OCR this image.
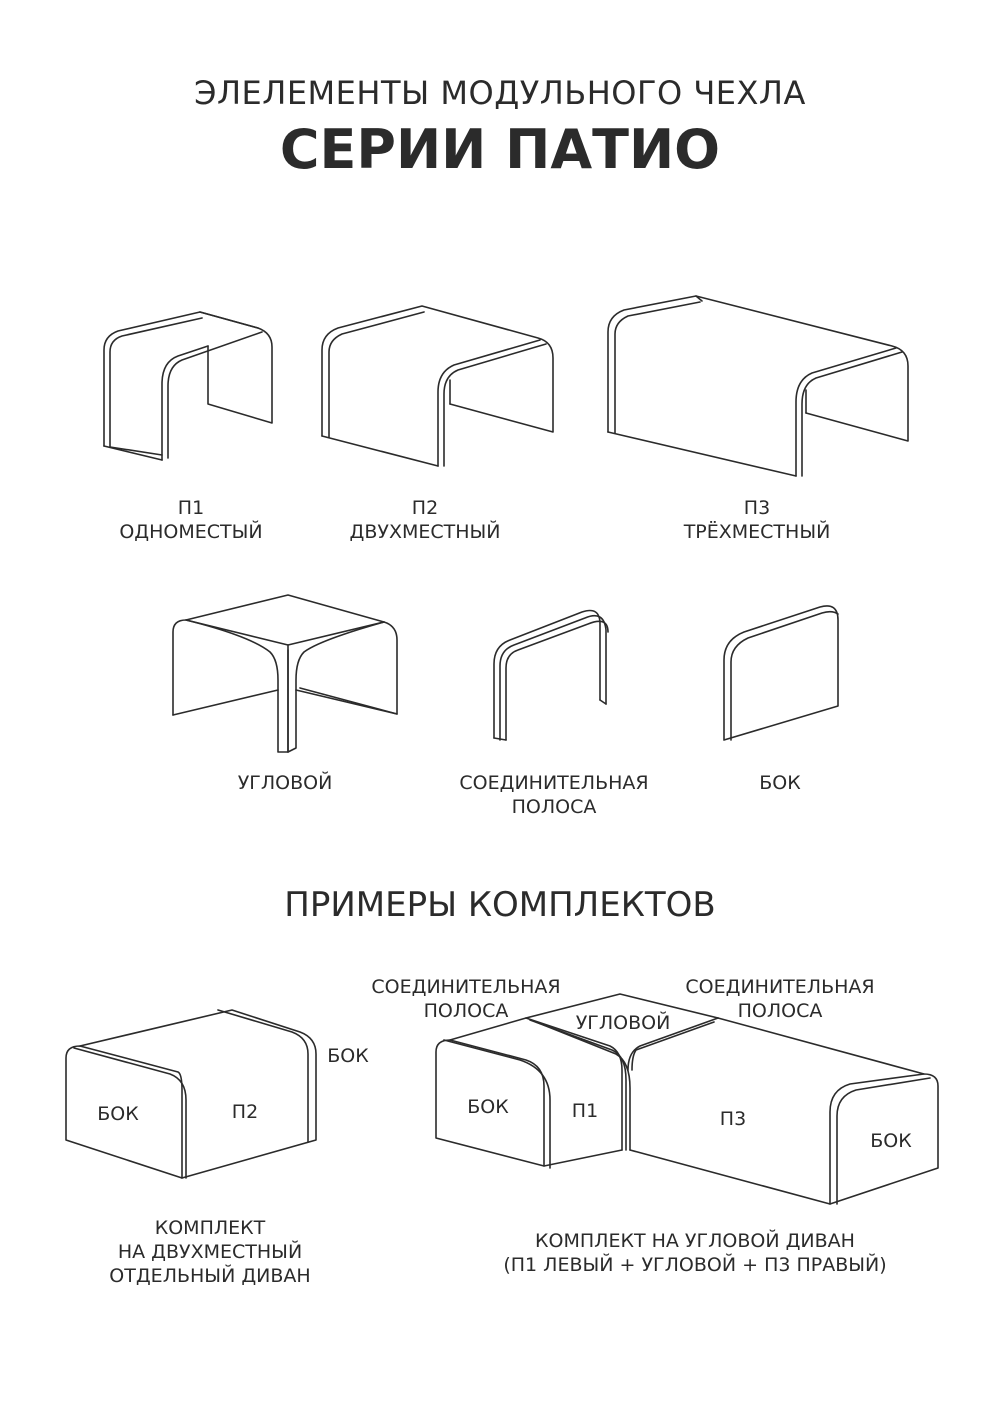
ЭЛЕЛЕМЕНТЫ МОДУЛЬНОГО ЧЕХЛА
СЕРИИ ПАТИО
П1
ОДНОМЕСТЫЙ
П2
ДВУХМЕСТНЫЙ
П3
ТРЁХМЕСТНЫЙ
УГЛОВОЙ	СОЕДИНИТЕЛЬНАЯ
ПОЛОСА
БОК
ПРИМЕРЫ КОМПЛЕКТОВ
БОК	П2
БОК
КОМПЛЕКТ
НА ДВУХМЕСТНЫЙ
ОТДЕЛЬНЫЙ ДИВАН
СОЕДИНИТЕЛЬНАЯ
ПОЛОСА
СОЕДИНИТЕЛЬНАЯ
ПОЛОСА
УГЛОВОЙ
БОК	П1	П3
БОК
КОМПЛЕКТ НА УГЛОВОЙ ДИВАН
(П1 ЛЕВЫЙ + УГЛОВОЙ + П3 ПРАВЫЙ)
